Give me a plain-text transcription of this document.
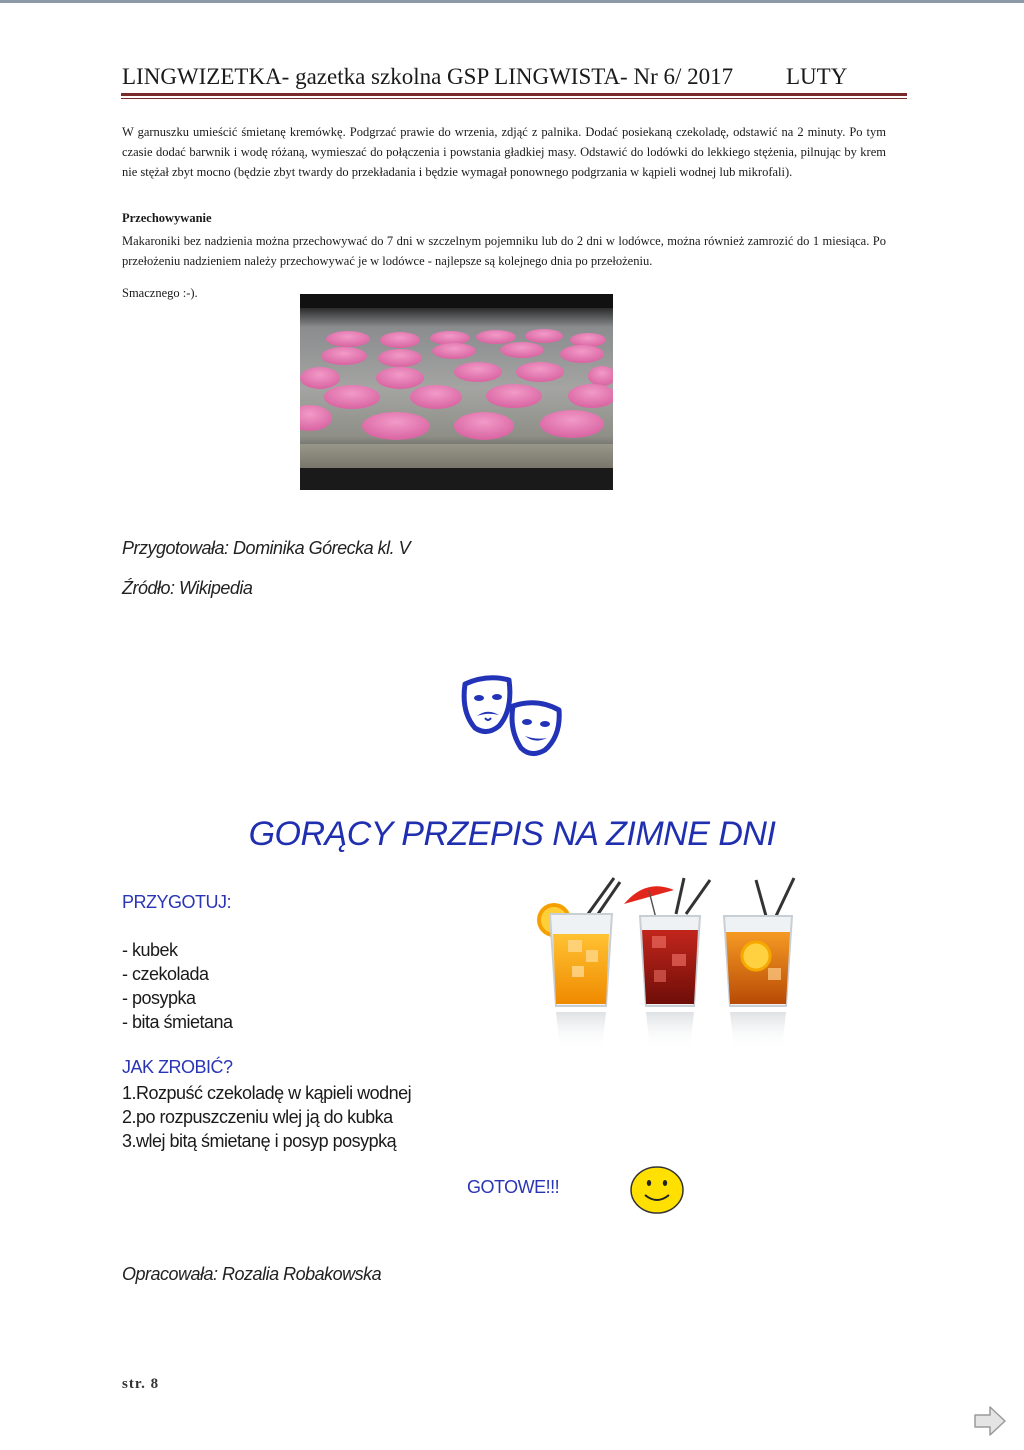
LINGWIZETKA- gazetka szkolna GSP LINGWISTA- Nr 6/ 2017 LUTY
W garnuszku umieścić śmietanę kremówkę. Podgrzać prawie do wrzenia, zdjąć z palnika. Dodać posiekaną czekoladę, odstawić na 2 minuty. Po tym czasie dodać barwnik i wodę różaną, wymieszać do połączenia i powstania gładkiej masy. Odstawić do lodówki do lekkiego stężenia, pilnując by krem nie stężał zbyt mocno (będzie zbyt twardy do przekładania i będzie wymagał ponownego podgrzania w kąpieli wodnej lub mikrofali).
Przechowywanie
Makaroniki bez nadzienia można przechowywać do 7 dni w szczelnym pojemniku lub do 2 dni w lodówce, można również zamrozić do 1 miesiąca. Po przełożeniu nadzieniem należy przechowywać je w lodówce - najlepsze są kolejnego dnia po przełożeniu.
Smacznego :-).
Przygotowała: Dominika Górecka kl. V
Źródło: Wikipedia
GORĄCY PRZEPIS NA ZIMNE DNI
PRZYGOTUJ:
- kubek
- czekolada
- posypka
- bita śmietana
JAK ZROBIĆ?
1.Rozpuść czekoladę w kąpieli wodnej
2.po rozpuszczeniu wlej ją do kubka
3.wlej bitą śmietanę i posyp posypką
GOTOWE!!!
Opracowała: Rozalia Robakowska
str. 8
